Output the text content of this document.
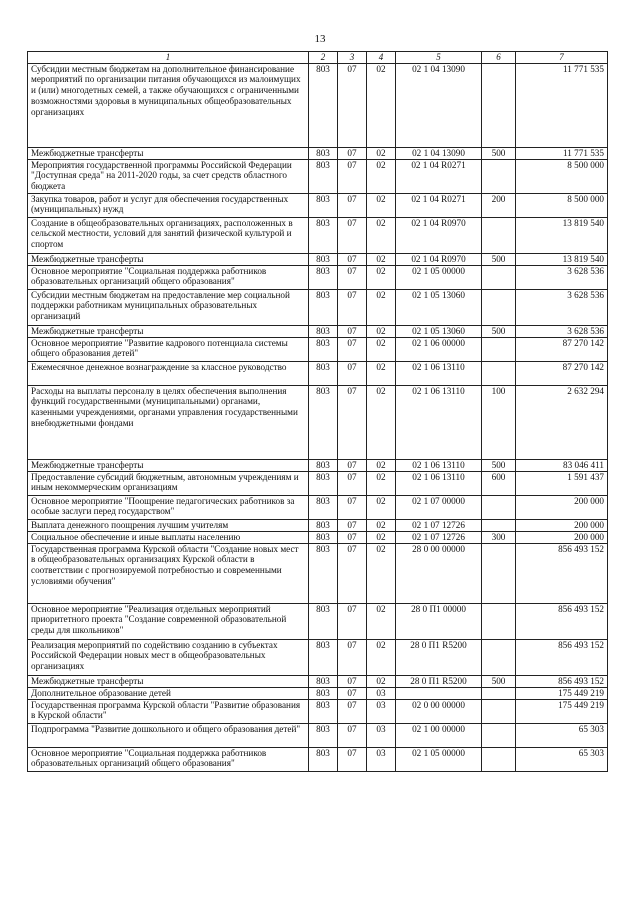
13
1	2	3	4	5	6	7
Субсидии местным бюджетам на дополнительное финансирование мероприятий по организации питания обучающихся из малоимущих и (или) многодетных семей, а также обучающихся с ограниченными возможностями здоровья в муниципальных общеобразовательных организациях	803	07	02	02 1 04 13090		11 771 535
Межбюджетные трансферты	803	07	02	02 1 04 13090	500	11 771 535
Мероприятия государственной программы Российской Федерации "Доступная среда" на 2011-2020 годы, за счет средств областного бюджета	803	07	02	02 1 04 R0271		8 500 000
Закупка товаров, работ и услуг для обеспечения государственных (муниципальных) нужд	803	07	02	02 1 04 R0271	200	8 500 000
Создание в общеобразовательных организациях, расположенных в сельской местности, условий для занятий физической культурой и спортом	803	07	02	02 1 04 R0970		13 819 540
Межбюджетные трансферты	803	07	02	02 1 04 R0970	500	13 819 540
Основное мероприятие "Социальная поддержка работников образовательных организаций общего образования"	803	07	02	02 1 05 00000		3 628 536
Субсидии местным бюджетам на предоставление мер социальной поддержки работникам муниципальных образовательных организаций	803	07	02	02 1 05 13060		3 628 536
Межбюджетные трансферты	803	07	02	02 1 05 13060	500	3 628 536
Основное мероприятие "Развитие кадрового потенциала системы общего образования детей"	803	07	02	02 1 06 00000		87 270 142
Ежемесячное денежное вознаграждение за классное руководство	803	07	02	02 1 06 13110		87 270 142
Расходы на выплаты персоналу в целях обеспечения выполнения функций государственными (муниципальными) органами, казенными учреждениями, органами управления государственными внебюджетными фондами	803	07	02	02 1 06 13110	100	2 632 294
Межбюджетные трансферты	803	07	02	02 1 06 13110	500	83 046 411
Предоставление субсидий бюджетным, автономным учреждениям и иным некоммерческим организациям	803	07	02	02 1 06 13110	600	1 591 437
Основное мероприятие "Поощрение педагогических работников за особые заслуги перед государством"	803	07	02	02 1 07 00000		200 000
Выплата денежного поощрения лучшим учителям	803	07	02	02 1 07 12726		200 000
Социальное обеспечение и иные выплаты населению	803	07	02	02 1 07 12726	300	200 000
Государственная программа Курской области "Создание новых мест в общеобразовательных организациях Курской области в соответствии с прогнозируемой потребностью и современными условиями обучения"	803	07	02	28 0 00 00000		856 493 152
Основное мероприятие "Реализация отдельных мероприятий приоритетного проекта "Создание современной образовательной среды для школьников"	803	07	02	28 0 П1 00000		856 493 152
Реализация мероприятий по содействию созданию в субъектах Российской Федерации новых мест в общеобразовательных организациях	803	07	02	28 0 П1 R5200		856 493 152
Межбюджетные трансферты	803	07	02	28 0 П1 R5200	500	856 493 152
Дополнительное образование детей	803	07	03			175 449 219
Государственная программа Курской области "Развитие образования в Курской области"	803	07	03	02 0 00 00000		175 449 219
Подпрограмма "Развитие дошкольного и общего образования детей"	803	07	03	02 1 00 00000		65 303
Основное мероприятие "Социальная поддержка работников образовательных организаций общего образования"	803	07	03	02 1 05 00000		65 303
